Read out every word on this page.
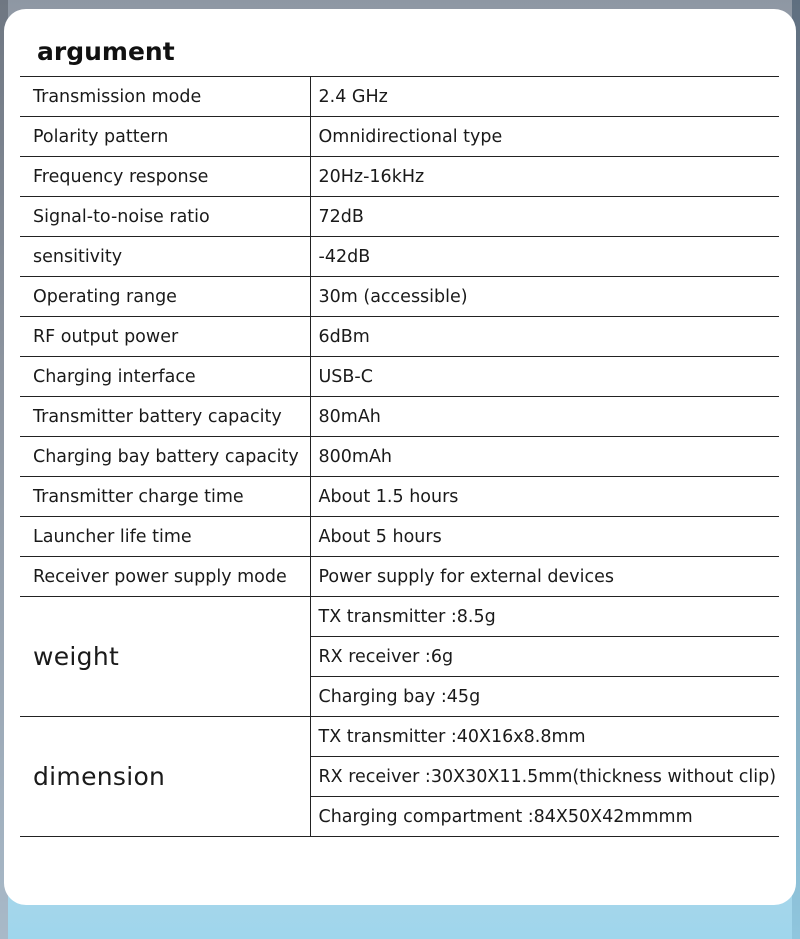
argument
Transmission mode	2.4 GHz
Polarity pattern	Omnidirectional type
Frequency response	20Hz-16kHz
Signal-to-noise ratio	72dB
sensitivity	-42dB
Operating range	30m (accessible)
RF output power	6dBm
Charging interface	USB-C
Transmitter battery capacity	80mAh
Charging bay battery capacity	800mAh
Transmitter charge time	About 1.5 hours
Launcher life time	About 5 hours
Receiver power supply mode	Power supply for external devices
weight	TX transmitter :8.5g
	RX receiver :6g
	Charging bay :45g
dimension	TX transmitter :40X16x8.8mm
	RX receiver :30X30X11.5mm(thickness without clip)
	Charging compartment :84X50X42mmmm
